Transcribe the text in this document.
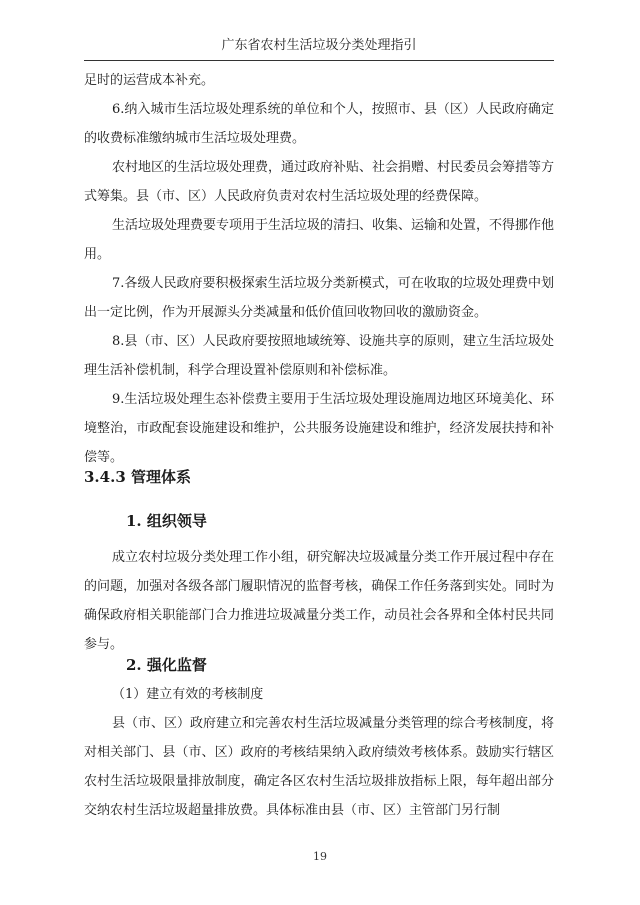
广东省农村生活垃圾分类处理指引

足时的运营成本补充。

6.纳入城市生活垃圾处理系统的单位和个人，按照市、县（区）人民政府确定的收费标准缴纳城市生活垃圾处理费。

农村地区的生活垃圾处理费，通过政府补贴、社会捐赠、村民委员会筹措等方式筹集。县（市、区）人民政府负责对农村生活垃圾处理的经费保障。

生活垃圾处理费要专项用于生活垃圾的清扫、收集、运输和处置，不得挪作他用。

7.各级人民政府要积极探索生活垃圾分类新模式，可在收取的垃圾处理费中划出一定比例，作为开展源头分类减量和低价值回收物回收的激励资金。

8.县（市、区）人民政府要按照地域统筹、设施共享的原则，建立生活垃圾处理生活补偿机制，科学合理设置补偿原则和补偿标准。

9.生活垃圾处理生态补偿费主要用于生活垃圾处理设施周边地区环境美化、环境整治，市政配套设施建设和维护，公共服务设施建设和维护，经济发展扶持和补偿等。

3.4.3 管理体系
1. 组织领导

成立农村垃圾分类处理工作小组，研究解决垃圾减量分类工作开展过程中存在的问题，加强对各级各部门履职情况的监督考核，确保工作任务落到实处。同时为确保政府相关职能部门合力推进垃圾减量分类工作，动员社会各界和全体村民共同参与。

2. 强化监督

（1）建立有效的考核制度

县（市、区）政府建立和完善农村生活垃圾减量分类管理的综合考核制度，将对相关部门、县（市、区）政府的考核结果纳入政府绩效考核体系。鼓励实行辖区农村生活垃圾限量排放制度，确定各区农村生活垃圾排放指标上限，每年超出部分交纳农村生活垃圾超量排放费。具体标准由县（市、区）主管部门另行制

19
